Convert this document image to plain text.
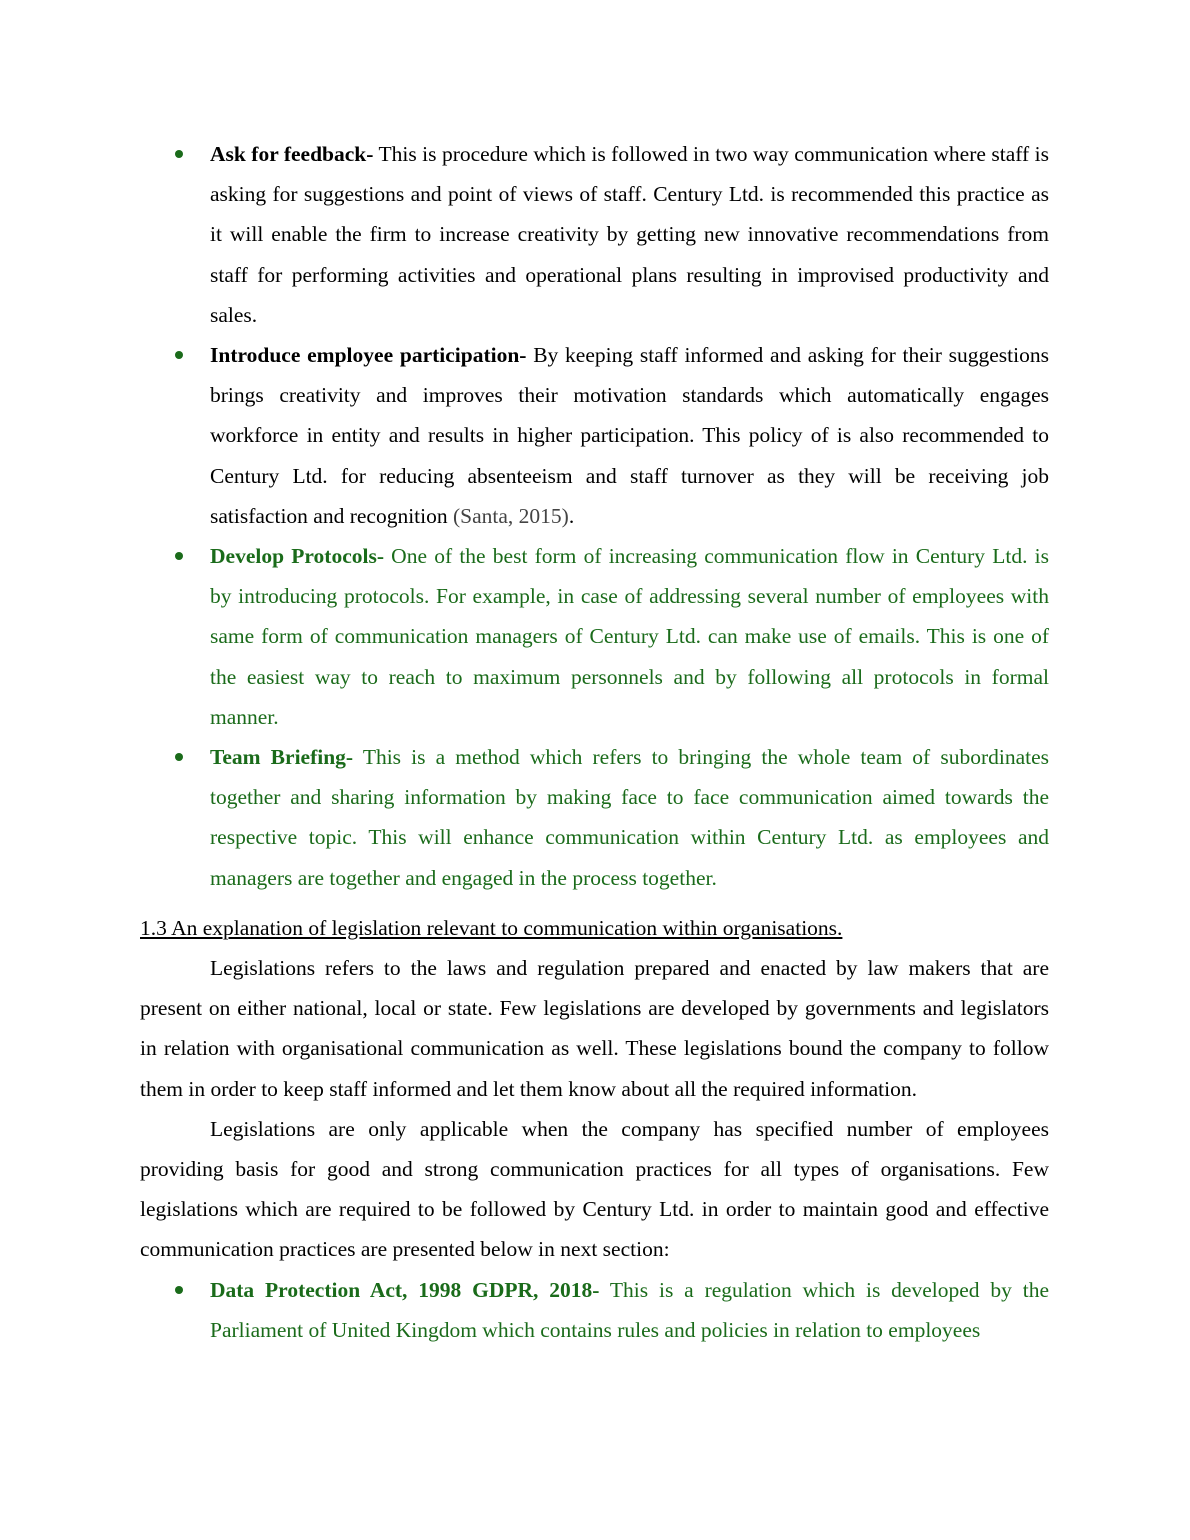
Ask for feedback- This is procedure which is followed in two way communication where staff is asking for suggestions and point of views of staff. Century Ltd. is recommended this practice as it will enable the firm to increase creativity by getting new innovative recommendations from staff for performing activities and operational plans resulting in improvised productivity and sales.
Introduce employee participation- By keeping staff informed and asking for their suggestions brings creativity and improves their motivation standards which automatically engages workforce in entity and results in higher participation. This policy of is also recommended to Century Ltd. for reducing absenteeism and staff turnover as they will be receiving job satisfaction and recognition (Santa, 2015).
Develop Protocols- One of the best form of increasing communication flow in Century Ltd. is by introducing protocols. For example, in case of addressing several number of employees with same form of communication managers of Century Ltd. can make use of emails. This is one of the easiest way to reach to maximum personnels and by following all protocols in formal manner.
Team Briefing- This is a method which refers to bringing the whole team of subordinates together and sharing information by making face to face communication aimed towards the respective topic. This will enhance communication within Century Ltd. as employees and managers are together and engaged in the process together.
1.3 An explanation of legislation relevant to communication within organisations.

Legislations refers to the laws and regulation prepared and enacted by law makers that are present on either national, local or state. Few legislations are developed by governments and legislators in relation with organisational communication as well. These legislations bound the company to follow them in order to keep staff informed and let them know about all the required information.

Legislations are only applicable when the company has specified number of employees providing basis for good and strong communication practices for all types of organisations. Few legislations which are required to be followed by Century Ltd. in order to maintain good and effective communication practices are presented below in next section:

Data Protection Act, 1998 GDPR, 2018- This is a regulation which is developed by the Parliament of United Kingdom which contains rules and policies in relation to employees
